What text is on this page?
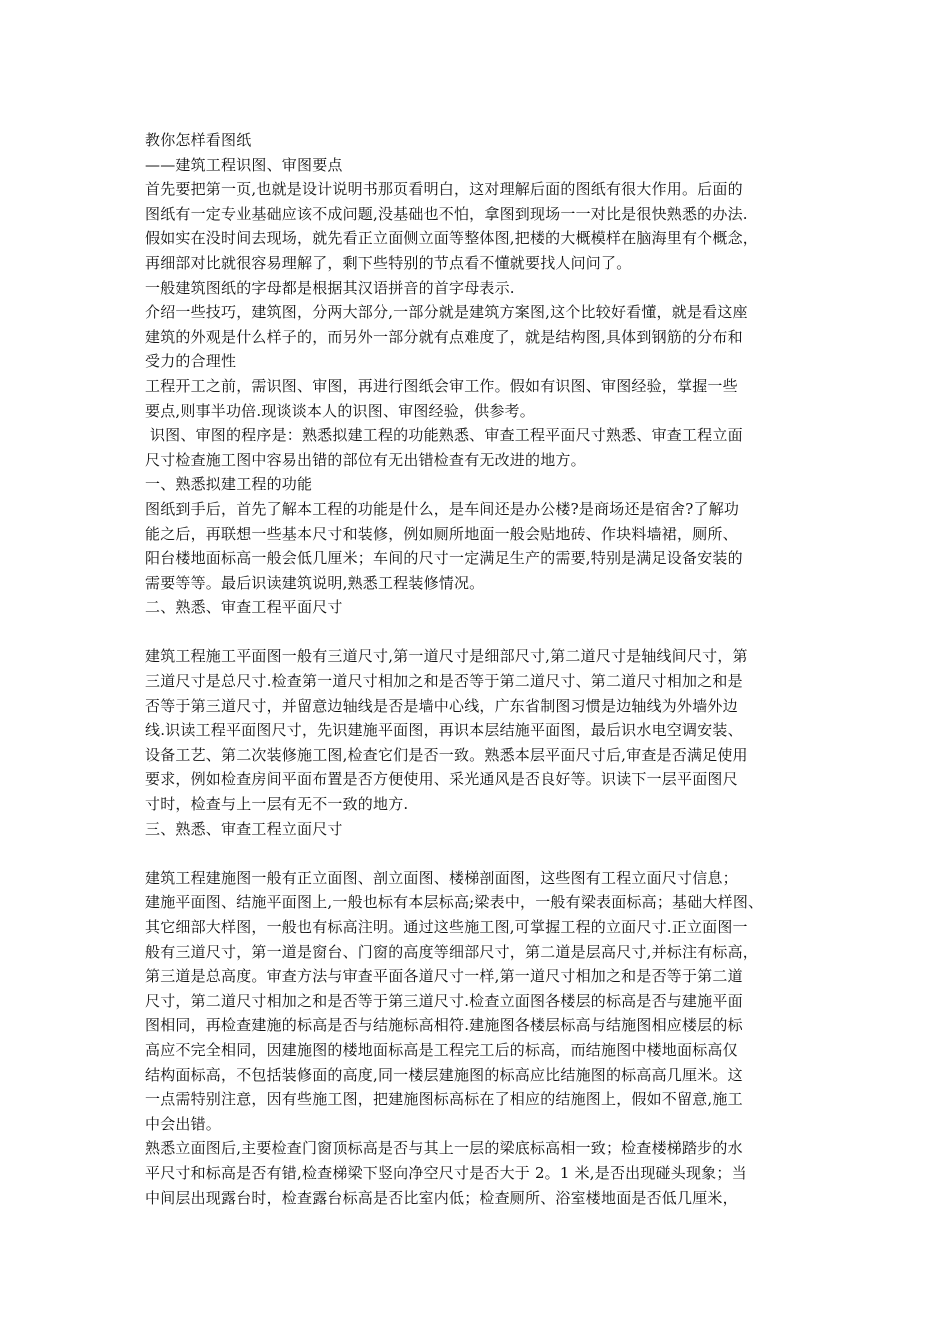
教你怎样看图纸
——建筑工程识图、审图要点
首先要把第一页,也就是设计说明书那页看明白，这对理解后面的图纸有很大作用。后面的
图纸有一定专业基础应该不成问题,没基础也不怕，拿图到现场一一对比是很快熟悉的办法.
假如实在没时间去现场，就先看正立面侧立面等整体图,把楼的大概模样在脑海里有个概念，
再细部对比就很容易理解了，剩下些特别的节点看不懂就要找人问问了。
一般建筑图纸的字母都是根据其汉语拼音的首字母表示.
介绍一些技巧，建筑图，分两大部分,一部分就是建筑方案图,这个比较好看懂，就是看这座
建筑的外观是什么样子的，而另外一部分就有点难度了，就是结构图,具体到钢筋的分布和
受力的合理性
工程开工之前，需识图、审图，再进行图纸会审工作。假如有识图、审图经验，掌握一些
要点,则事半功倍.现谈谈本人的识图、审图经验，供参考。
识图、审图的程序是：熟悉拟建工程的功能熟悉、审查工程平面尺寸熟悉、审查工程立面
尺寸检查施工图中容易出错的部位有无出错检查有无改进的地方。
一、熟悉拟建工程的功能
图纸到手后，首先了解本工程的功能是什么，是车间还是办公楼?是商场还是宿舍?了解功
能之后，再联想一些基本尺寸和装修，例如厕所地面一般会贴地砖、作块料墙裙，厕所、
阳台楼地面标高一般会低几厘米；车间的尺寸一定满足生产的需要,特别是满足设备安装的
需要等等。最后识读建筑说明,熟悉工程装修情况。
二、熟悉、审查工程平面尺寸
建筑工程施工平面图一般有三道尺寸,第一道尺寸是细部尺寸,第二道尺寸是轴线间尺寸，第
三道尺寸是总尺寸.检查第一道尺寸相加之和是否等于第二道尺寸、第二道尺寸相加之和是
否等于第三道尺寸，并留意边轴线是否是墙中心线，广东省制图习惯是边轴线为外墙外边
线.识读工程平面图尺寸，先识建施平面图，再识本层结施平面图，最后识水电空调安装、
设备工艺、第二次装修施工图,检查它们是否一致。熟悉本层平面尺寸后,审查是否满足使用
要求，例如检查房间平面布置是否方便使用、采光通风是否良好等。识读下一层平面图尺
寸时，检查与上一层有无不一致的地方.
三、熟悉、审查工程立面尺寸
建筑工程建施图一般有正立面图、剖立面图、楼梯剖面图，这些图有工程立面尺寸信息；
建施平面图、结施平面图上,一般也标有本层标高;梁表中，一般有梁表面标高；基础大样图、
其它细部大样图，一般也有标高注明。通过这些施工图,可掌握工程的立面尺寸.正立面图一
般有三道尺寸，第一道是窗台、门窗的高度等细部尺寸，第二道是层高尺寸,并标注有标高，
第三道是总高度。审查方法与审查平面各道尺寸一样,第一道尺寸相加之和是否等于第二道
尺寸，第二道尺寸相加之和是否等于第三道尺寸.检查立面图各楼层的标高是否与建施平面
图相同，再检查建施的标高是否与结施标高相符.建施图各楼层标高与结施图相应楼层的标
高应不完全相同，因建施图的楼地面标高是工程完工后的标高，而结施图中楼地面标高仅
结构面标高，不包括装修面的高度,同一楼层建施图的标高应比结施图的标高高几厘米。这
一点需特别注意，因有些施工图，把建施图标高标在了相应的结施图上，假如不留意,施工
中会出错。
熟悉立面图后,主要检查门窗顶标高是否与其上一层的梁底标高相一致；检查楼梯踏步的水
平尺寸和标高是否有错,检查梯梁下竖向净空尺寸是否大于 2。1 米,是否出现碰头现象；当
中间层出现露台时，检查露台标高是否比室内低；检查厕所、浴室楼地面是否低几厘米，
